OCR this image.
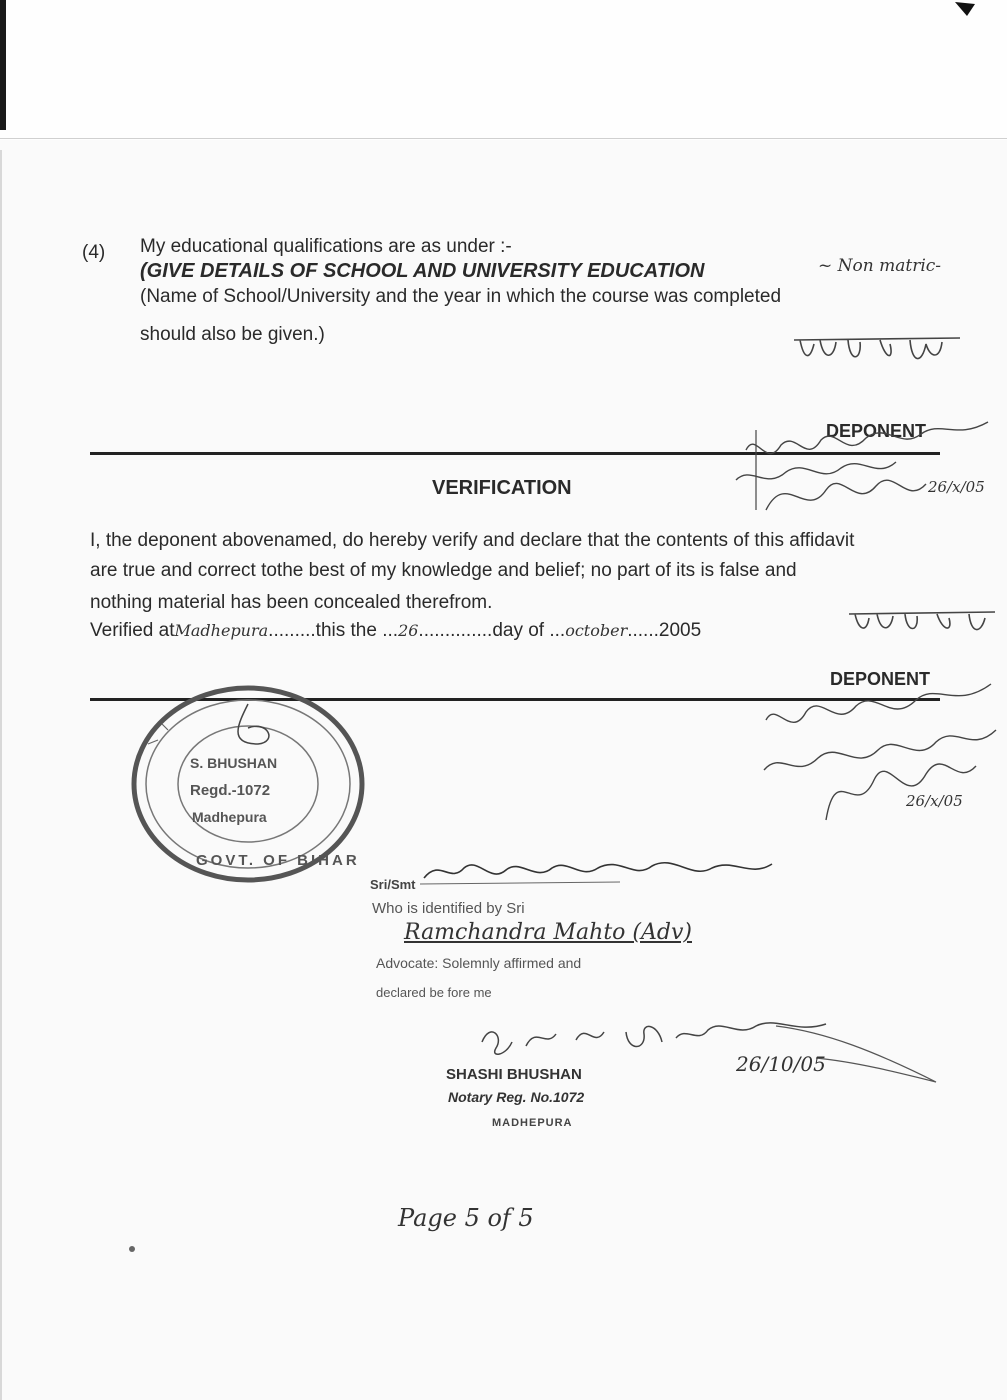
(4) My educational qualifications are as under :-
(GIVE DETAILS OF SCHOOL AND UNIVERSITY EDUCATION	~ Non matric-
(Name of School/University and the year in which the course was completed
should also be given.)
DEPONENT
26/x/05
VERIFICATION
I, the deponent abovenamed, do hereby verify and declare that the contents of this affidavit
are true and correct tothe best of my knowledge and belief; no part of its is false and
nothing material has been concealed therefrom.
Verified atMadhepura.........this the ...26..............day of ...october......2005
DEPONENT
26/x/05
S. BHUSHAN
Regd.-1072
Madhepura
GOVT. OF BIHAR
Sri/Smt
Who is identified by Sri
Ramchandra Mahto (Adv)
Advocate: Solemnly affirmed and
declared be fore me
26/10/05
SHASHI BHUSHAN
Notary Reg. No.1072
MADHEPURA
Page 5 of 5
